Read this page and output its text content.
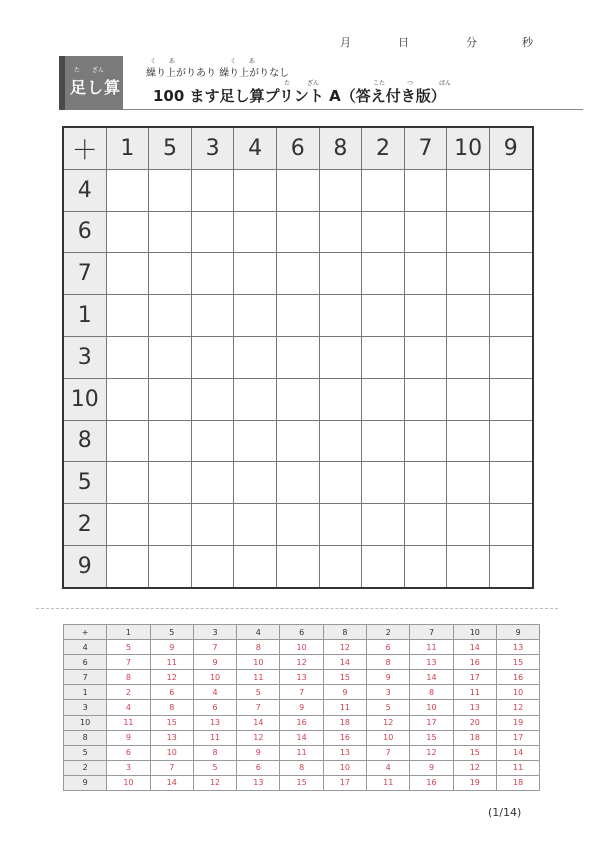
月	日	分	秒
た ざん
足し算
く あ	く あ
繰り上がりあり 繰り上がりなし
た	ざん	こた	つ	ばん
100 ます足し算プリント A（答え付き版）
＋	1	5	3	4	6	8	2	7	10	9
4										
6										
7										
1										
3										
10										
8										
5										
2										
9										
+	1	5	3	4	6	8	2	7	10	9
4	5	9	7	8	10	12	6	11	14	13
6	7	11	9	10	12	14	8	13	16	15
7	8	12	10	11	13	15	9	14	17	16
1	2	6	4	5	7	9	3	8	11	10
3	4	8	6	7	9	11	5	10	13	12
10	11	15	13	14	16	18	12	17	20	19
8	9	13	11	12	14	16	10	15	18	17
5	6	10	8	9	11	13	7	12	15	14
2	3	7	5	6	8	10	4	9	12	11
9	10	14	12	13	15	17	11	16	19	18
(1/14)
